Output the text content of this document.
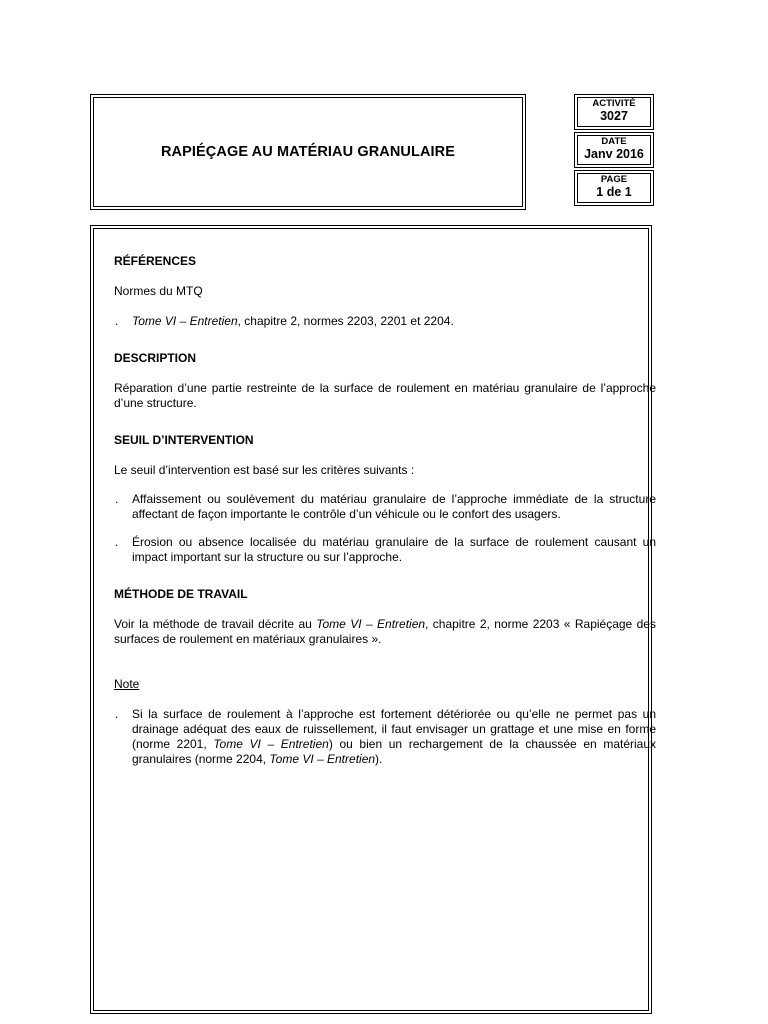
RAPIÉÇAGE AU MATÉRIAU GRANULAIRE
ACTIVITÉ
3027
DATE
Janv 2016
PAGE
1 de 1

RÉFÉRENCES

Normes du MTQ

. Tome VI – Entretien, chapitre 2, normes 2203, 2201 et 2204.

DESCRIPTION

Réparation d’une partie restreinte de la surface de roulement en matériau granulaire de l’approche d’une structure.

SEUIL D’INTERVENTION

Le seuil d’intervention est basé sur les critères suivants :

. Affaissement ou soulèvement du matériau granulaire de l’approche immédiate de la structure affectant de façon importante le contrôle d’un véhicule ou le confort des usagers.

. Érosion ou absence localisée du matériau granulaire de la surface de roulement causant un impact important sur la structure ou sur l’approche.

MÉTHODE DE TRAVAIL

Voir la méthode de travail décrite au Tome VI – Entretien, chapitre 2, norme 2203 « Rapiéçage des surfaces de roulement en matériaux granulaires ».

Note

. Si la surface de roulement à l’approche est fortement détériorée ou qu’elle ne permet pas un drainage adéquat des eaux de ruissellement, il faut envisager un grattage et une mise en forme (norme 2201, Tome VI – Entretien) ou bien un rechargement de la chaussée en matériaux granulaires (norme 2204, Tome VI – Entretien).
